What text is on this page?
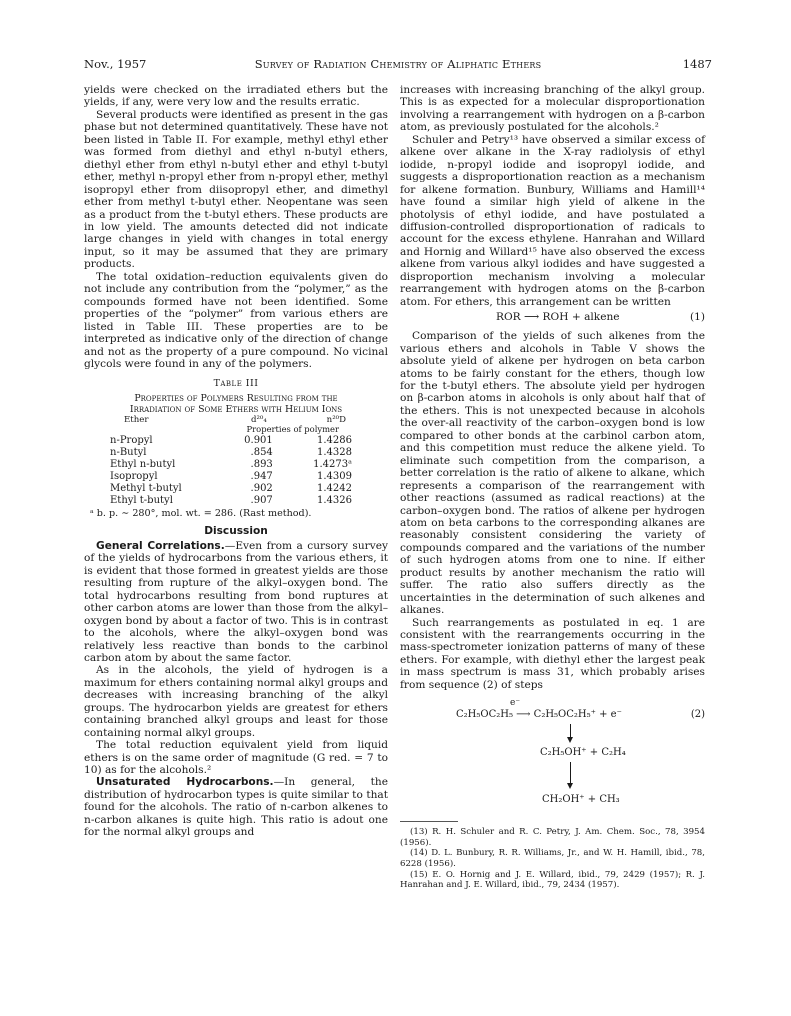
Nov., 1957	Survey of Radiation Chemistry of Aliphatic Ethers	1487

yields were checked on the irradiated ethers but the yields, if any, were very low and the results erratic.

Several products were identified as present in the gas phase but not determined quantitatively. These have not been listed in Table II. For example, methyl ethyl ether was formed from diethyl and ethyl n-butyl ethers, diethyl ether from ethyl n-butyl ether and ethyl t-butyl ether, methyl n-propyl ether from n-propyl ether, methyl isopropyl ether from diisopropyl ether, and dimethyl ether from methyl t-butyl ether. Neopentane was seen as a product from the t-butyl ethers. These products are in low yield. The amounts detected did not indicate large changes in yield with changes in total energy input, so it may be assumed that they are primary products.

The total oxidation–reduction equivalents given do not include any contribution from the “polymer,” as the compounds formed have not been identified. Some properties of the “polymer” from various ethers are listed in Table III. These properties are to be interpreted as indicative only of the direction of change and not as the property of a pure compound. No vicinal glycols were found in any of the polymers.

Table III
Properties of Polymers Resulting from the
Irradiation of Some Ethers with Helium Ions
Ether	d²⁰₄	n²⁰D
	Properties of polymer	
n-Propyl	0.901	1.4286
n-Butyl	.854	1.4328
Ethyl n-butyl	.893	1.4273ᵃ
Isopropyl	.947	1.4309
Methyl t-butyl	.902	1.4242
Ethyl t-butyl	.907	1.4326
ᵃ b. p. ∼ 280°, mol. wt. = 286. (Rast method).
Discussion

General Correlations.—Even from a cursory survey of the yields of hydrocarbons from the various ethers, it is evident that those formed in greatest yields are those resulting from rupture of the alkyl–oxygen bond. The total hydrocarbons resulting from bond ruptures at other carbon atoms are lower than those from the alkyl–oxygen bond by about a factor of two. This is in contrast to the alcohols, where the alkyl–oxygen bond was relatively less reactive than bonds to the carbinol carbon atom by about the same factor.

As in the alcohols, the yield of hydrogen is a maximum for ethers containing normal alkyl groups and decreases with increasing branching of the alkyl groups. The hydrocarbon yields are greatest for ethers containing branched alkyl groups and least for those containing normal alkyl groups.

The total reduction equivalent yield from liquid ethers is on the same order of magnitude (G red. = 7 to 10) as for the alcohols.²

Unsaturated Hydrocarbons.—In general, the distribution of hydrocarbon types is quite similar to that found for the alcohols. The ratio of n-carbon alkenes to n-carbon alkanes is quite high. This ratio is adout one for the normal alkyl groups and

increases with increasing branching of the alkyl group. This is as expected for a molecular disproportionation involving a rearrangement with hydrogen on a β-carbon atom, as previously postulated for the alcohols.²

Schuler and Petry¹³ have observed a similar excess of alkene over alkane in the X-ray radiolysis of ethyl iodide, n-propyl iodide and isopropyl iodide, and suggests a disproportionation reaction as a mechanism for alkene formation. Bunbury, Williams and Hamill¹⁴ have found a similar high yield of alkene in the photolysis of ethyl iodide, and have postulated a diffusion-controlled disproportionation of radicals to account for the excess ethylene. Hanrahan and Willard and Hornig and Willard¹⁵ have also observed the excess alkene from various alkyl iodides and have suggested a disproportion mechanism involving a molecular rearrangement with hydrogen atoms on the β-carbon atom. For ethers, this arrangement can be written

ROR ⟶ ROH + alkene	(1)

Comparison of the yields of such alkenes from the various ethers and alcohols in Table V shows the absolute yield of alkene per hydrogen on beta carbon atoms to be fairly constant for the ethers, though low for the t-butyl ethers. The absolute yield per hydrogen on β-carbon atoms in alcohols is only about half that of the ethers. This is not unexpected because in alcohols the over-all reactivity of the carbon–oxygen bond is low compared to other bonds at the carbinol carbon atom, and this competition must reduce the alkene yield. To eliminate such competition from the comparison, a better correlation is the ratio of alkene to alkane, which represents a comparison of the rearrangement with other reactions (assumed as radical reactions) at the carbon–oxygen bond. The ratios of alkene per hydrogen atom on beta carbons to the corresponding alkanes are reasonably consistent considering the variety of compounds compared and the variations of the number of such hydrogen atoms from one to nine. If either product results by another mechanism the ratio will suffer. The ratio also suffers directly as the uncertainties in the determination of such alkenes and alkanes.

Such rearrangements as postulated in eq. 1 are consistent with the rearrangements occurring in the mass-spectrometer ionization patterns of many of these ethers. For example, with diethyl ether the largest peak in mass spectrum is mass 31, which probably arises from sequence (2) of steps

e⁻
C₂H₅OC₂H₅ ⟶ C₂H₅OC₂H₅⁺ + e⁻	(2)
C₂H₅OH⁺ + C₂H₄
CH₂OH⁺ + CH₃

(13) R. H. Schuler and R. C. Petry, J. Am. Chem. Soc., 78, 3954 (1956).

(14) D. L. Bunbury, R. R. Williams, Jr., and W. H. Hamill, ibid., 78, 6228 (1956).

(15) E. O. Hornig and J. E. Willard, ibid., 79, 2429 (1957); R. J. Hanrahan and J. E. Willard, ibid., 79, 2434 (1957).
